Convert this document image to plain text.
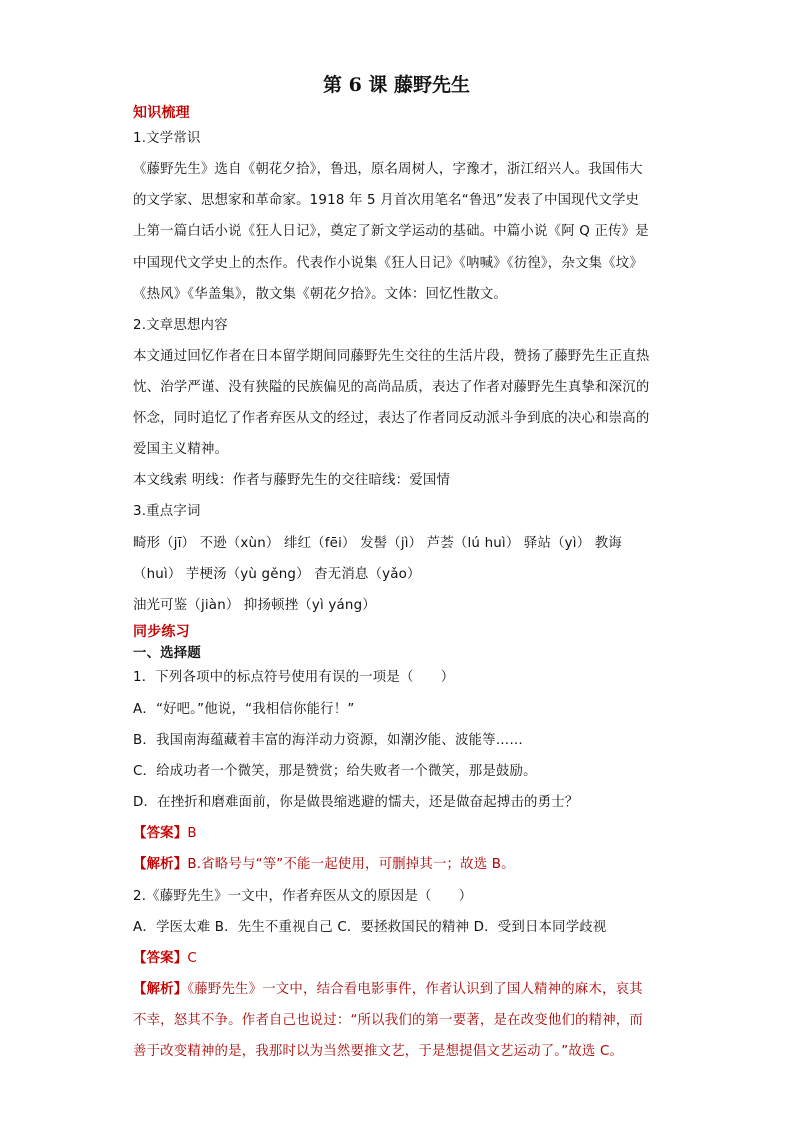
第 6 课 藤野先生
知识梳理
1.文学常识
《藤野先生》选自《朝花夕拾》，鲁迅，原名周树人，字豫才，浙江绍兴人。我国伟大
的文学家、思想家和革命家。1918 年 5 月首次用笔名“鲁迅”发表了中国现代文学史
上第一篇白话小说《狂人日记》，奠定了新文学运动的基础。中篇小说《阿 Q 正传》是
中国现代文学史上的杰作。代表作小说集《狂人日记》《呐喊》《彷徨》，杂文集《坟》
《热风》《华盖集》，散文集《朝花夕拾》。文体：回忆性散文。
2.文章思想内容
本文通过回忆作者在日本留学期间同藤野先生交往的生活片段，赞扬了藤野先生正直热
忱、治学严谨、没有狭隘的民族偏见的高尚品质，表达了作者对藤野先生真挚和深沉的
怀念，同时追忆了作者弃医从文的经过，表达了作者同反动派斗争到底的决心和崇高的
爱国主义精神。
本文线索 明线：作者与藤野先生的交往暗线：爱国情
3.重点字词
畸形（jī） 不逊（xùn） 绯红（fēi） 发髻（jì） 芦荟（lú huì） 驿站（yì） 教诲
（huì） 芋梗汤（yù gěng） 杳无消息（yǎo）
油光可鉴（jiàn） 抑扬顿挫（yì yáng）
同步练习
一、选择题
1．下列各项中的标点符号使用有误的一项是（　　）
A．“好吧。”他说，“我相信你能行！”
B．我国南海蕴藏着丰富的海洋动力资源，如潮汐能、波能等……
C．给成功者一个微笑，那是赞赏；给失败者一个微笑，那是鼓励。
D．在挫折和磨难面前，你是做畏缩逃避的懦夫，还是做奋起搏击的勇士？
【答案】B
【解析】B.省略号与“等”不能一起使用，可删掉其一；故选 B。
2.《藤野先生》一文中，作者弃医从文的原因是（　　）
A．学医太难 B．先生不重视自己 C．要拯救国民的精神 D．受到日本同学歧视
【答案】C
【解析】《藤野先生》一文中，结合看电影事件，作者认识到了国人精神的麻木，哀其
不幸，怒其不争。作者自己也说过：“所以我们的第一要著，是在改变他们的精神，而
善于改变精神的是，我那时以为当然要推文艺，于是想提倡文艺运动了。”故选 C。
